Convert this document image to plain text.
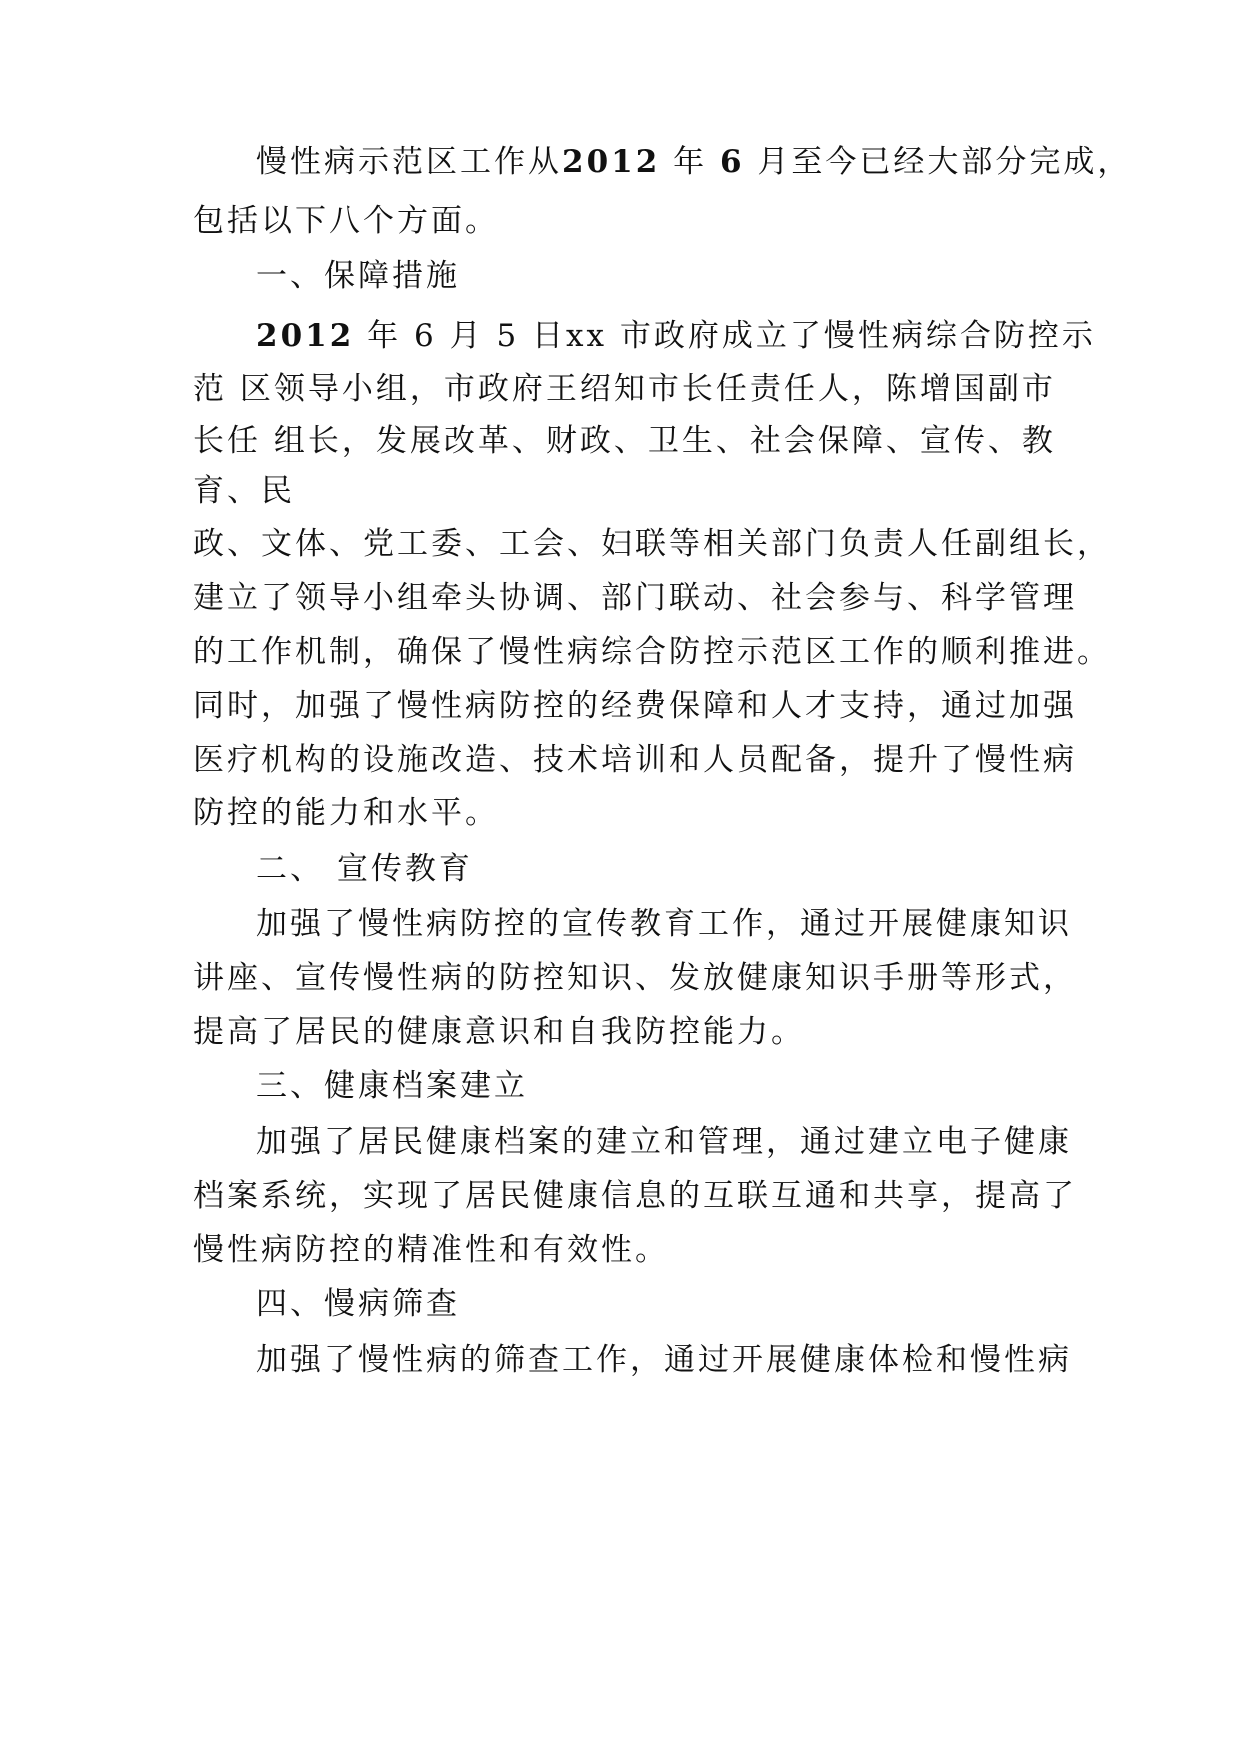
慢性病示范区工作从2012 年 6 月至今已经大部分完成，
包括以下八个方面。
一、保障措施
2012 年 6 月 5 日xx 市政府成立了慢性病综合防控示
范 区领导小组，市政府王绍知市长任责任人，陈增国副市
长任 组长，发展改革、财政、卫生、社会保障、宣传、教
育、民
政、文体、党工委、工会、妇联等相关部门负责人任副组长，
建立了领导小组牵头协调、部门联动、社会参与、科学管理
的工作机制，确保了慢性病综合防控示范区工作的顺利推进。
同时，加强了慢性病防控的经费保障和人才支持，通过加强
医疗机构的设施改造、技术培训和人员配备，提升了慢性病
防控的能力和水平。
二、 宣传教育
加强了慢性病防控的宣传教育工作，通过开展健康知识
讲座、宣传慢性病的防控知识、发放健康知识手册等形式，
提高了居民的健康意识和自我防控能力。
三、健康档案建立
加强了居民健康档案的建立和管理，通过建立电子健康
档案系统，实现了居民健康信息的互联互通和共享，提高了
慢性病防控的精准性和有效性。
四、慢病筛查
加强了慢性病的筛查工作，通过开展健康体检和慢性病
